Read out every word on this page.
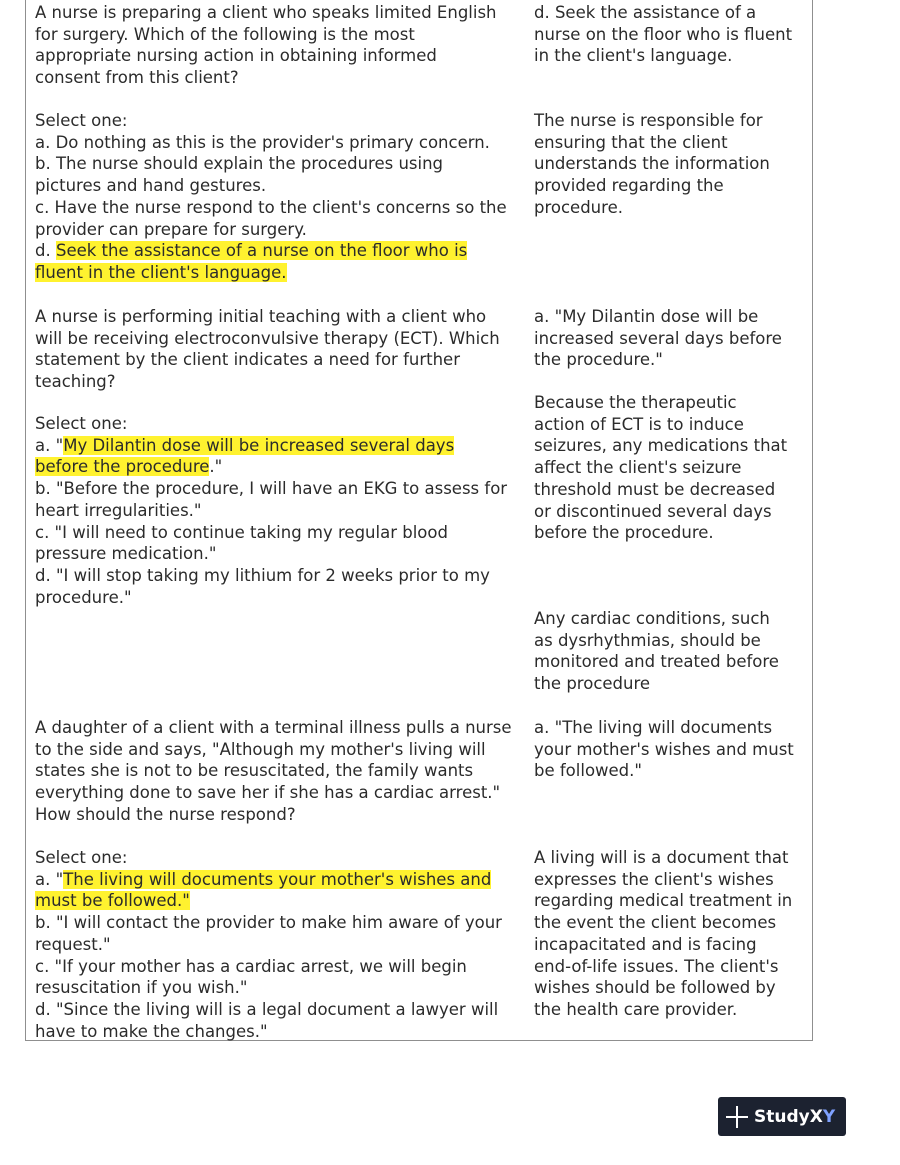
A nurse is preparing a client who speaks limited English
for surgery. Which of the following is the most
appropriate nursing action in obtaining informed
consent from this client?
Select one:
a. Do nothing as this is the provider's primary concern.
b. The nurse should explain the procedures using
pictures and hand gestures.
c. Have the nurse respond to the client's concerns so the
provider can prepare for surgery.
d. Seek the assistance of a nurse on the floor who is
fluent in the client's language.
d. Seek the assistance of a
nurse on the floor who is fluent
in the client's language.
The nurse is responsible for
ensuring that the client
understands the information
provided regarding the
procedure.
A nurse is performing initial teaching with a client who
will be receiving electroconvulsive therapy (ECT). Which
statement by the client indicates a need for further
teaching?
Select one:
a. "My Dilantin dose will be increased several days
before the procedure."
b. "Before the procedure, I will have an EKG to assess for
heart irregularities."
c. "I will need to continue taking my regular blood
pressure medication."
d. "I will stop taking my lithium for 2 weeks prior to my
procedure."
a. "My Dilantin dose will be
increased several days before
the procedure."
Because the therapeutic
action of ECT is to induce
seizures, any medications that
affect the client's seizure
threshold must be decreased
or discontinued several days
before the procedure.
Any cardiac conditions, such
as dysrhythmias, should be
monitored and treated before
the procedure
A daughter of a client with a terminal illness pulls a nurse
to the side and says, "Although my mother's living will
states she is not to be resuscitated, the family wants
everything done to save her if she has a cardiac arrest."
How should the nurse respond?
Select one:
a. "The living will documents your mother's wishes and
must be followed."
b. "I will contact the provider to make him aware of your
request."
c. "If your mother has a cardiac arrest, we will begin
resuscitation if you wish."
d. "Since the living will is a legal document a lawyer will
have to make the changes."
a. "The living will documents
your mother's wishes and must
be followed."
A living will is a document that
expresses the client's wishes
regarding medical treatment in
the event the client becomes
incapacitated and is facing
end-of-life issues. The client's
wishes should be followed by
the health care provider.
StudyX Y
